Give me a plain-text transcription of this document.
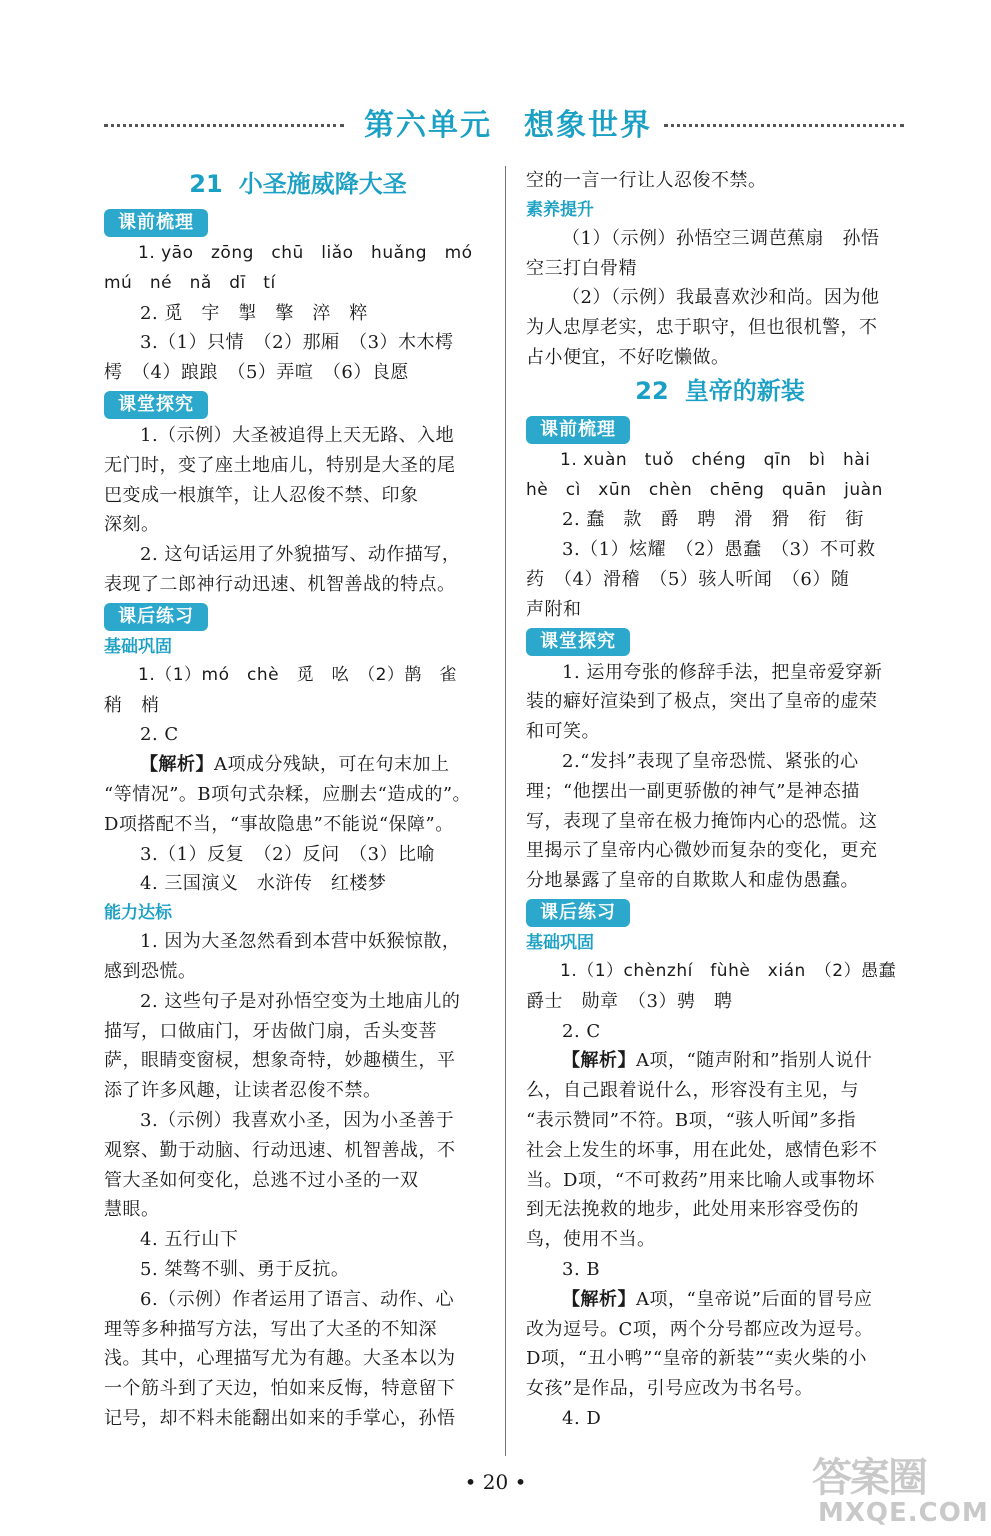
第六单元　想象世界
21 小圣施威降大圣
课前梳理

1. yāo　zōng　chū　liǎo　huǎng　mó

mú　né　nǎ　dī　tí

2. 觅　宇　掣　擎　淬　粹

3.（1）只情　（2）那厢　（3）木木樗

樗　（4）踉踉　（5）弄喧　（6）良愿

课堂探究

1.（示例）大圣被追得上天无路、入地

无门时，变了座土地庙儿，特别是大圣的尾

巴变成一根旗竿，让人忍俊不禁、印象

深刻。

2. 这句话运用了外貌描写、动作描写，

表现了二郎神行动迅速、机智善战的特点。

课后练习
基础巩固

1.（1）mó　chè　觅　吆　（2）鹊　雀

稍　梢

2. C

【解析】A项成分残缺，可在句末加上

“等情况”。B项句式杂糅，应删去“造成的”。

D项搭配不当，“事故隐患”不能说“保障”。

3.（1）反复　（2）反问　（3）比喻

4. 三国演义　水浒传　红楼梦

能力达标

1. 因为大圣忽然看到本营中妖猴惊散，

感到恐慌。

2. 这些句子是对孙悟空变为土地庙儿的

描写，口做庙门，牙齿做门扇，舌头变菩

萨，眼睛变窗棂，想象奇特，妙趣横生，平

添了许多风趣，让读者忍俊不禁。

3.（示例）我喜欢小圣，因为小圣善于

观察、勤于动脑、行动迅速、机智善战，不

管大圣如何变化，总逃不过小圣的一双

慧眼。

4. 五行山下

5. 桀骜不驯、勇于反抗。

6.（示例）作者运用了语言、动作、心

理等多种描写方法，写出了大圣的不知深

浅。其中，心理描写尤为有趣。大圣本以为

一个筋斗到了天边，怕如来反悔，特意留下

记号，却不料未能翻出如来的手掌心，孙悟

空的一言一行让人忍俊不禁。

素养提升

（1）（示例）孙悟空三调芭蕉扇　孙悟

空三打白骨精

（2）（示例）我最喜欢沙和尚。因为他

为人忠厚老实，忠于职守，但也很机警，不

占小便宜，不好吃懒做。

22 皇帝的新装
课前梳理

1. xuàn　tuǒ　chéng　qīn　bì　hài

hè　cì　xūn　chèn　chēng　quān　juàn

2. 蠢　款　爵　聘　滑　猾　衔　街

3.（1）炫耀　（2）愚蠢　（3）不可救

药　（4）滑稽　（5）骇人听闻　（6）随

声附和

课堂探究

1. 运用夸张的修辞手法，把皇帝爱穿新

装的癖好渲染到了极点，突出了皇帝的虚荣

和可笑。

2.“发抖”表现了皇帝恐慌、紧张的心

理；“他摆出一副更骄傲的神气”是神态描

写，表现了皇帝在极力掩饰内心的恐慌。这

里揭示了皇帝内心微妙而复杂的变化，更充

分地暴露了皇帝的自欺欺人和虚伪愚蠢。

课后练习
基础巩固

1.（1）chènzhí　fùhè　xián　（2）愚蠢

爵士　勋章　（3）骋　聘

2. C

【解析】A项，“随声附和”指别人说什

么，自己跟着说什么，形容没有主见，与

“表示赞同”不符。B项，“骇人听闻”多指

社会上发生的坏事，用在此处，感情色彩不

当。D项，“不可救药”用来比喻人或事物坏

到无法挽救的地步，此处用来形容受伤的

鸟，使用不当。

3. B

【解析】A项，“皇帝说”后面的冒号应

改为逗号。C项，两个分号都应改为逗号。

D项，“丑小鸭”“皇帝的新装”“卖火柴的小

女孩”是作品，引号应改为书名号。

4. D

• 20 •	答案圈
MXQE.COM
